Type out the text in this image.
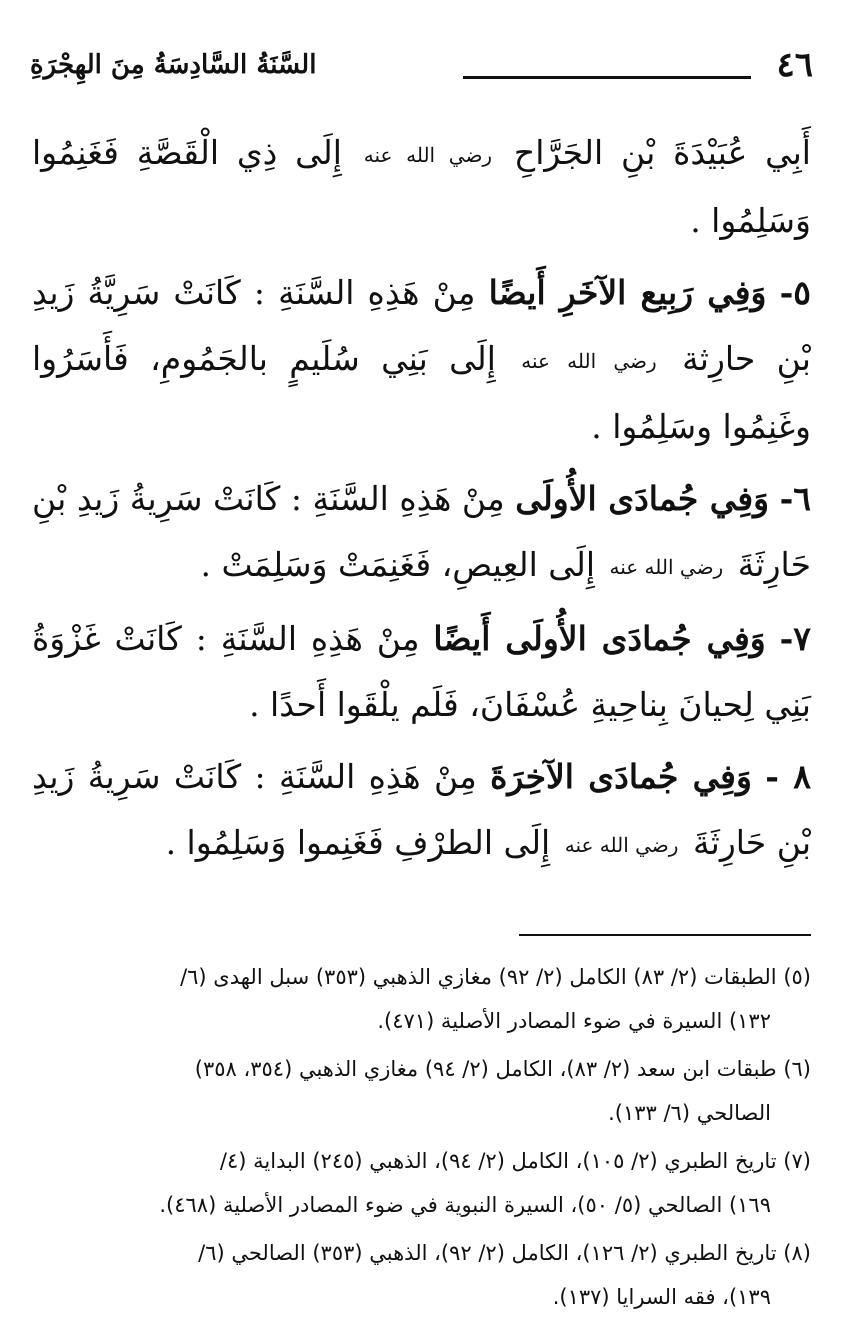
٤٦
السَّنَةُ السَّادِسَةُ مِنَ الهِجْرَةِ

أَبِي عُبَيْدَةَ بْنِ الجَرَّاحِ رضي الله عنه إِلَى ذِي الْقَصَّةِ فَغَنِمُوا وَسَلِمُوا .

٥- وَفِي رَبِيع الآخَرِ أَيضًا مِنْ هَذِهِ السَّنَةِ : كَانَتْ سَرِيَّةُ زَيدِ بْنِ حارِثة رضي الله عنه إِلَى بَنِي سُلَيمٍ بالجَمُومِ، فَأَسَرُوا وغَنِمُوا وسَلِمُوا .

٦- وَفِي جُمادَى الأُولَى مِنْ هَذِهِ السَّنَةِ : كَانَتْ سَرِيةُ زَيدِ بْنِ حَارِثَةَ رضي الله عنه إِلَى العِيصِ، فَغَنِمَتْ وَسَلِمَتْ .

٧- وَفِي جُمادَى الأُولَى أَيضًا مِنْ هَذِهِ السَّنَةِ : كَانَتْ غَزْوَةُ بَنِي لِحيانَ بِناحِيةِ عُسْفَانَ، فَلَم يلْقَوا أَحدًا .

٨ - وَفِي جُمادَى الآخِرَةَ مِنْ هَذِهِ السَّنَةِ : كَانَتْ سَرِيةُ زَيدِ بْنِ حَارِثَةَ رضي الله عنه إِلَى الطرْفِ فَغَنِموا وَسَلِمُوا .

(٥) الطبقات (٢/ ٨٣) الكامل (٢/ ٩٢) مغازي الذهبي (٣٥٣) سبل الهدى (٦/
١٣٢) السيرة في ضوء المصادر الأصلية (٤٧١).
(٦) طبقات ابن سعد (٢/ ٨٣)، الكامل (٢/ ٩٤) مغازي الذهبي (٣٥٤، ٣٥٨)
الصالحي (٦/ ١٣٣).
(٧) تاريخ الطبري (٢/ ١٠٥)، الكامل (٢/ ٩٤)، الذهبي (٢٤٥) البداية (٤/
١٦٩) الصالحي (٥/ ٥٠)، السيرة النبوية في ضوء المصادر الأصلية (٤٦٨).
(٨) تاريخ الطبري (٢/ ١٢٦)، الكامل (٢/ ٩٢)، الذهبي (٣٥٣) الصالحي (٦/
١٣٩)، فقه السرايا (١٣٧).
